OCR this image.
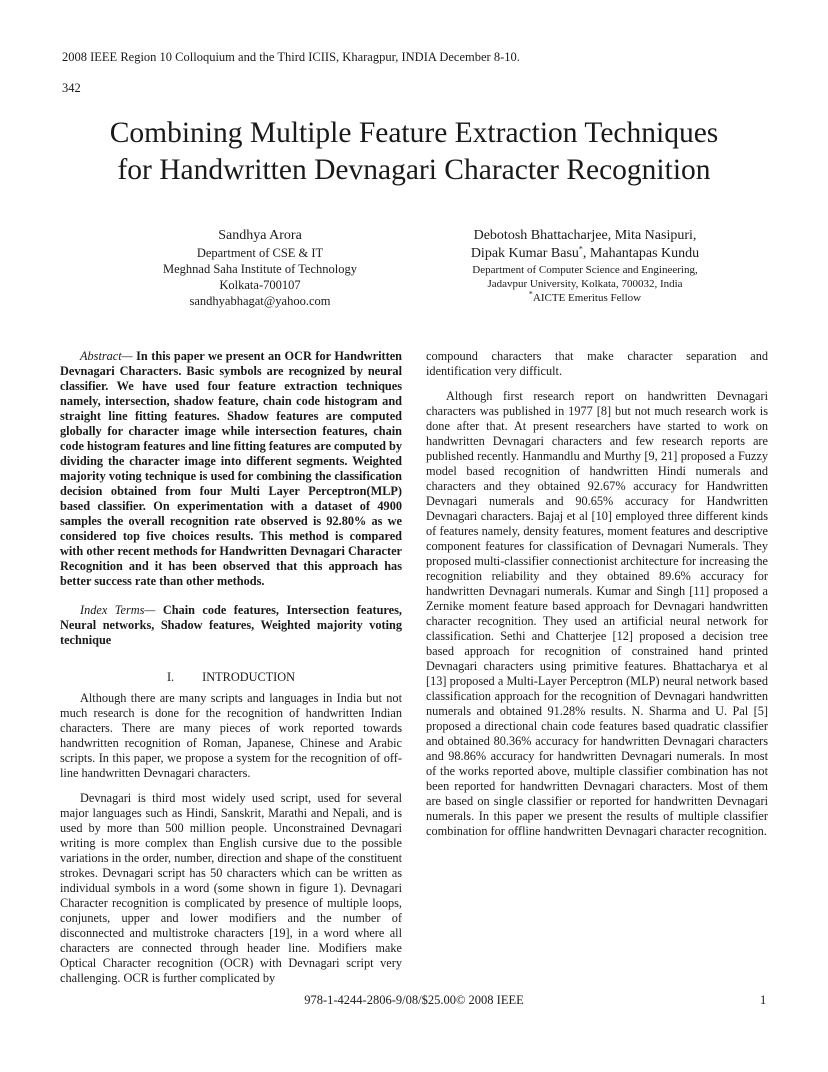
2008 IEEE Region 10 Colloquium and the Third ICIIS, Kharagpur, INDIA December 8-10.
342
Combining Multiple Feature Extraction Techniques
for Handwritten Devnagari Character Recognition
Sandhya Arora
Department of CSE & IT
Meghnad Saha Institute of Technology
Kolkata-700107
sandhyabhagat@yahoo.com
Debotosh Bhattacharjee, Mita Nasipuri,
Dipak Kumar Basu*, Mahantapas Kundu
Department of Computer Science and Engineering,
Jadavpur University, Kolkata, 700032, India
*AICTE Emeritus Fellow

Abstract— In this paper we present an OCR for Handwritten Devnagari Characters. Basic symbols are recognized by neural classifier. We have used four feature extraction techniques namely, intersection, shadow feature, chain code histogram and straight line fitting features. Shadow features are computed globally for character image while intersection features, chain code histogram features and line fitting features are computed by dividing the character image into different segments. Weighted majority voting technique is used for combining the classification decision obtained from four Multi Layer Perceptron(MLP) based classifier. On experimentation with a dataset of 4900 samples the overall recognition rate observed is 92.80% as we considered top five choices results. This method is compared with other recent methods for Handwritten Devnagari Character Recognition and it has been observed that this approach has better success rate than other methods.

Index Terms— Chain code features, Intersection features, Neural networks, Shadow features, Weighted majority voting technique

I. INTRODUCTION

Although there are many scripts and languages in India but not much research is done for the recognition of handwritten Indian characters. There are many pieces of work reported towards handwritten recognition of Roman, Japanese, Chinese and Arabic scripts. In this paper, we propose a system for the recognition of off-line handwritten Devnagari characters.

Devnagari is third most widely used script, used for several major languages such as Hindi, Sanskrit, Marathi and Nepali, and is used by more than 500 million people. Unconstrained Devnagari writing is more complex than English cursive due to the possible variations in the order, number, direction and shape of the constituent strokes. Devnagari script has 50 characters which can be written as individual symbols in a word (some shown in figure 1). Devnagari Character recognition is complicated by presence of multiple loops, conjunets, upper and lower modifiers and the number of disconnected and multistroke characters [19], in a word where all characters are connected through header line. Modifiers make Optical Character recognition (OCR) with Devnagari script very challenging. OCR is further complicated by

compound characters that make character separation and identification very difficult.

Although first research report on handwritten Devnagari characters was published in 1977 [8] but not much research work is done after that. At present researchers have started to work on handwritten Devnagari characters and few research reports are published recently. Hanmandlu and Murthy [9, 21] proposed a Fuzzy model based recognition of handwritten Hindi numerals and characters and they obtained 92.67% accuracy for Handwritten Devnagari numerals and 90.65% accuracy for Handwritten Devnagari characters. Bajaj et al [10] employed three different kinds of features namely, density features, moment features and descriptive component features for classification of Devnagari Numerals. They proposed multi-classifier connectionist architecture for increasing the recognition reliability and they obtained 89.6% accuracy for handwritten Devnagari numerals. Kumar and Singh [11] proposed a Zernike moment feature based approach for Devnagari handwritten character recognition. They used an artificial neural network for classification. Sethi and Chatterjee [12] proposed a decision tree based approach for recognition of constrained hand printed Devnagari characters using primitive features. Bhattacharya et al [13] proposed a Multi-Layer Perceptron (MLP) neural network based classification approach for the recognition of Devnagari handwritten numerals and obtained 91.28% results. N. Sharma and U. Pal [5] proposed a directional chain code features based quadratic classifier and obtained 80.36% accuracy for handwritten Devnagari characters and 98.86% accuracy for handwritten Devnagari numerals. In most of the works reported above, multiple classifier combination has not been reported for handwritten Devnagari characters. Most of them are based on single classifier or reported for handwritten Devnagari numerals. In this paper we present the results of multiple classifier combination for offline handwritten Devnagari character recognition.

978-1-4244-2806-9/08/$25.00© 2008 IEEE	1
